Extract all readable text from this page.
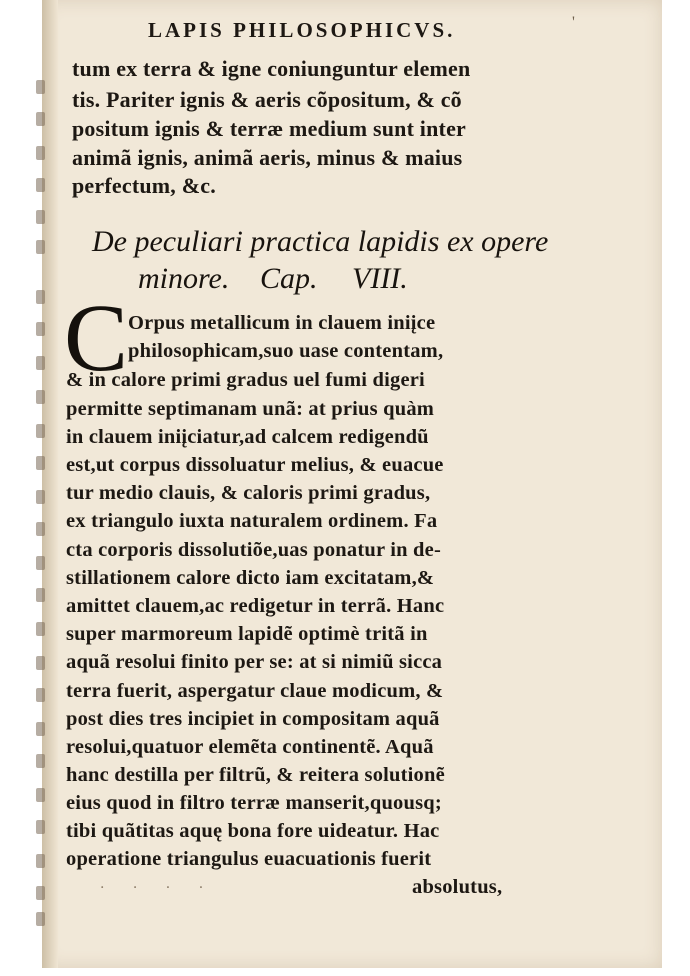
LAPIS PHILOSOPHICVS.	'
tum ex terra & igne coniunguntur elemen
tis. Pariter ignis & aeris cõpositum, & cõ
positum ignis & terræ medium sunt inter
animã ignis, animã aeris, minus & maius
perfectum, &c.
De peculiari practica lapidis ex opere
minore. Cap. VIII.
C Orpus metallicum in clauem iniįce
philosophicam,suo uase contentam,
& in calore primi gradus uel fumi digeri
permitte septimanam unã: at prius quàm
in clauem iniįciatur,ad calcem redigendũ
est,ut corpus dissoluatur melius, & euacue
tur medio clauis, & caloris primi gradus,
ex triangulo iuxta naturalem ordinem. Fa
cta corporis dissolutiõe,uas ponatur in de-
stillationem calore dicto iam excitatam,&
amittet clauem,ac redigetur in terrã. Hanc
super marmoreum lapidẽ optimè tritã in
aquã resolui finito per se: at si nimiũ sicca
terra fuerit, aspergatur claue modicum, &
post dies tres incipiet in compositam aquã
resolui,quatuor elemẽta continentẽ. Aquã
hanc destilla per filtrũ, & reitera solutionẽ
eius quod in filtro terræ manserit,quousq;
tibi quãtitas aquę bona fore uideatur. Hac
operatione triangulus euacuationis fuerit
absolutus,
· · · ·
